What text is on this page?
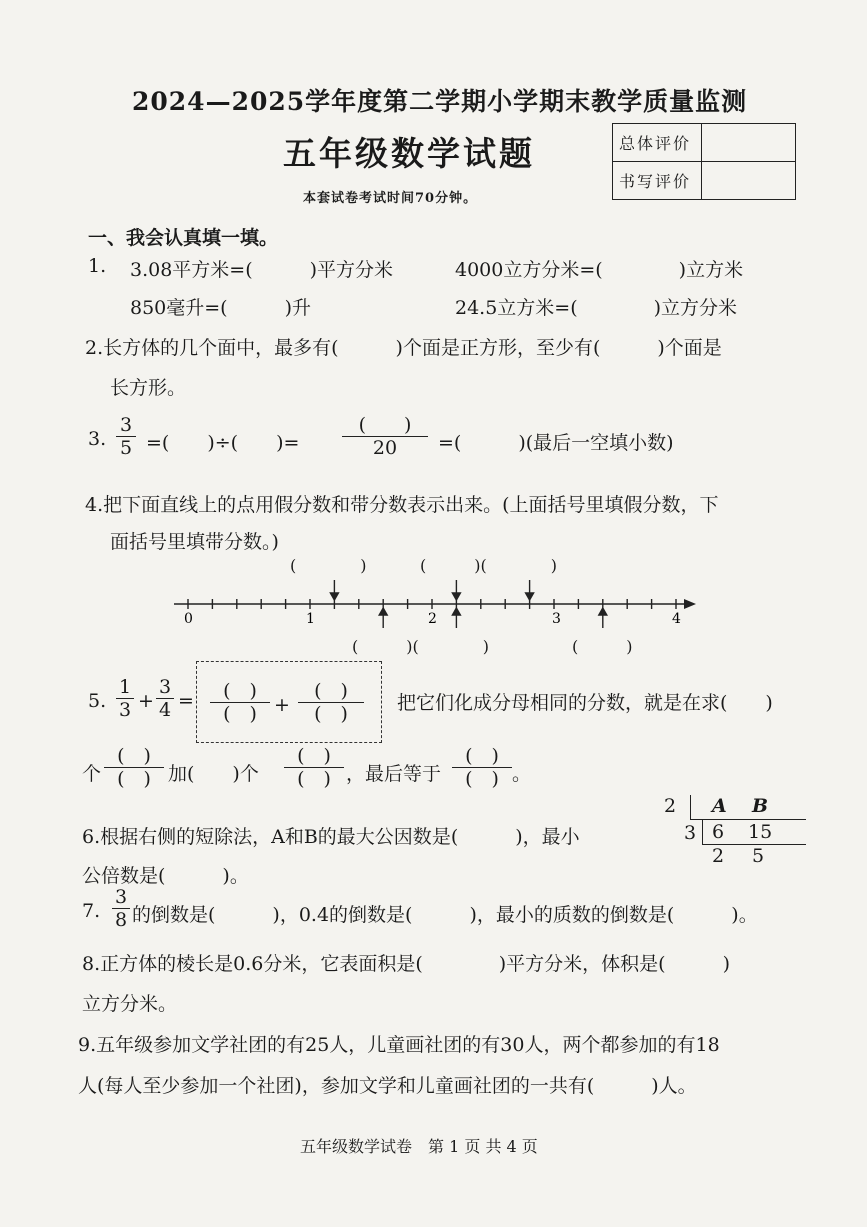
2024—2025学年度第二学期小学期末教学质量监测
五年级数学试题
本套试卷考试时间70分钟。
总体评价	
书写评价	
一、我会认真填一填。
1. 3.08平方米=(　　　)平方分米	4000立方分米=(　　　　)立方米
850毫升=(　　　)升	24.5立方米=(　　　　)立方分米
2.长方体的几个面中，最多有(　　　)个面是正方形，至少有(　　　)个面是
长方形。
3. $\frac{3}{5}$ =(　　)÷(　　)=
(　　)
20	=(　　　)(最后一空填小数)
4.把下面直线上的点用假分数和带分数表示出来。(上面括号里填假分数，下
面括号里填带分数。)
(　　　　)	(　　　)(　　　　)
0	1	2	3	4
(　　　)(　　　　)	(　　　)
5. $\frac{1}{3} + \frac{3}{4}$ =	(　)
(　) +
(　)
(　)	把它们化成分母相同的分数，就是在求(　　)
个
(　)
(　) 加(　　)个
(　)
(　) ，最后等于
(　)
(　) 。
6.根据右侧的短除法，A和B的最大公因数是(　　　)，最小
公倍数是(　　　)。
2
3
A B
6 15
2 5
7. $\frac{3}{8}$ 的倒数是(　　　)，0.4的倒数是(　　　)，最小的质数的倒数是(　　　)。
8.正方体的棱长是0.6分米，它表面积是(　　　　)平方分米，体积是(　　　)
立方分米。
9.五年级参加文学社团的有25人，儿童画社团的有30人，两个都参加的有18
人(每人至少参加一个社团)，参加文学和儿童画社团的一共有(　　　)人。
五年级数学试卷　第 1 页 共 4 页
